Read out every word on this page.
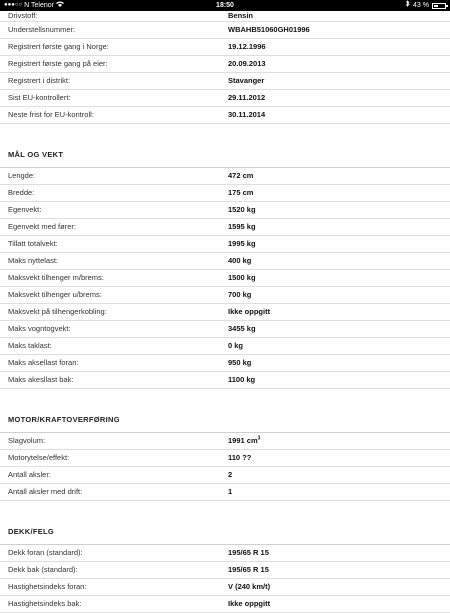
●●●○○ N Telenor	18:50	43 %
Drivstoff:	Bensin
Understellsnummer:	WBAHB51060GH01996
Registrert første gang i Norge:	19.12.1996
Registrert første gang på eier:	20.09.2013
Registrert i distrikt:	Stavanger
Sist EU-kontrollert:	29.11.2012
Neste frist for EU-kontroll:	30.11.2014
MÅL OG VEKT
Lengde:	472 cm
Bredde:	175 cm
Egenvekt:	1520 kg
Egenvekt med fører:	1595 kg
Tillatt totalvekt:	1995 kg
Maks nyttelast:	400 kg
Maksvekt tilhenger m/brems:	1500 kg
Maksvekt tilhenger u/brems:	700 kg
Maksvekt på tilhengerkobling:	Ikke oppgitt
Maks vogntogvekt:	3455 kg
Maks taklast:	0 kg
Maks aksellast foran:	950 kg
Maks akesllast bak:	1100 kg
MOTOR/KRAFTOVERFØRING
Slagvolum:	1991 $cm^3$
Motorytelse/effekt:	110 ??
Antall aksler:	2
Antall aksler med drift:	1
DEKK/FELG
Dekk foran (standard):	195/65 R 15
Dekk bak (standard):	195/65 R 15
Hastighetsindeks foran:	V (240 km/t)
Hastighetsindeks bak:	Ikke oppgitt
